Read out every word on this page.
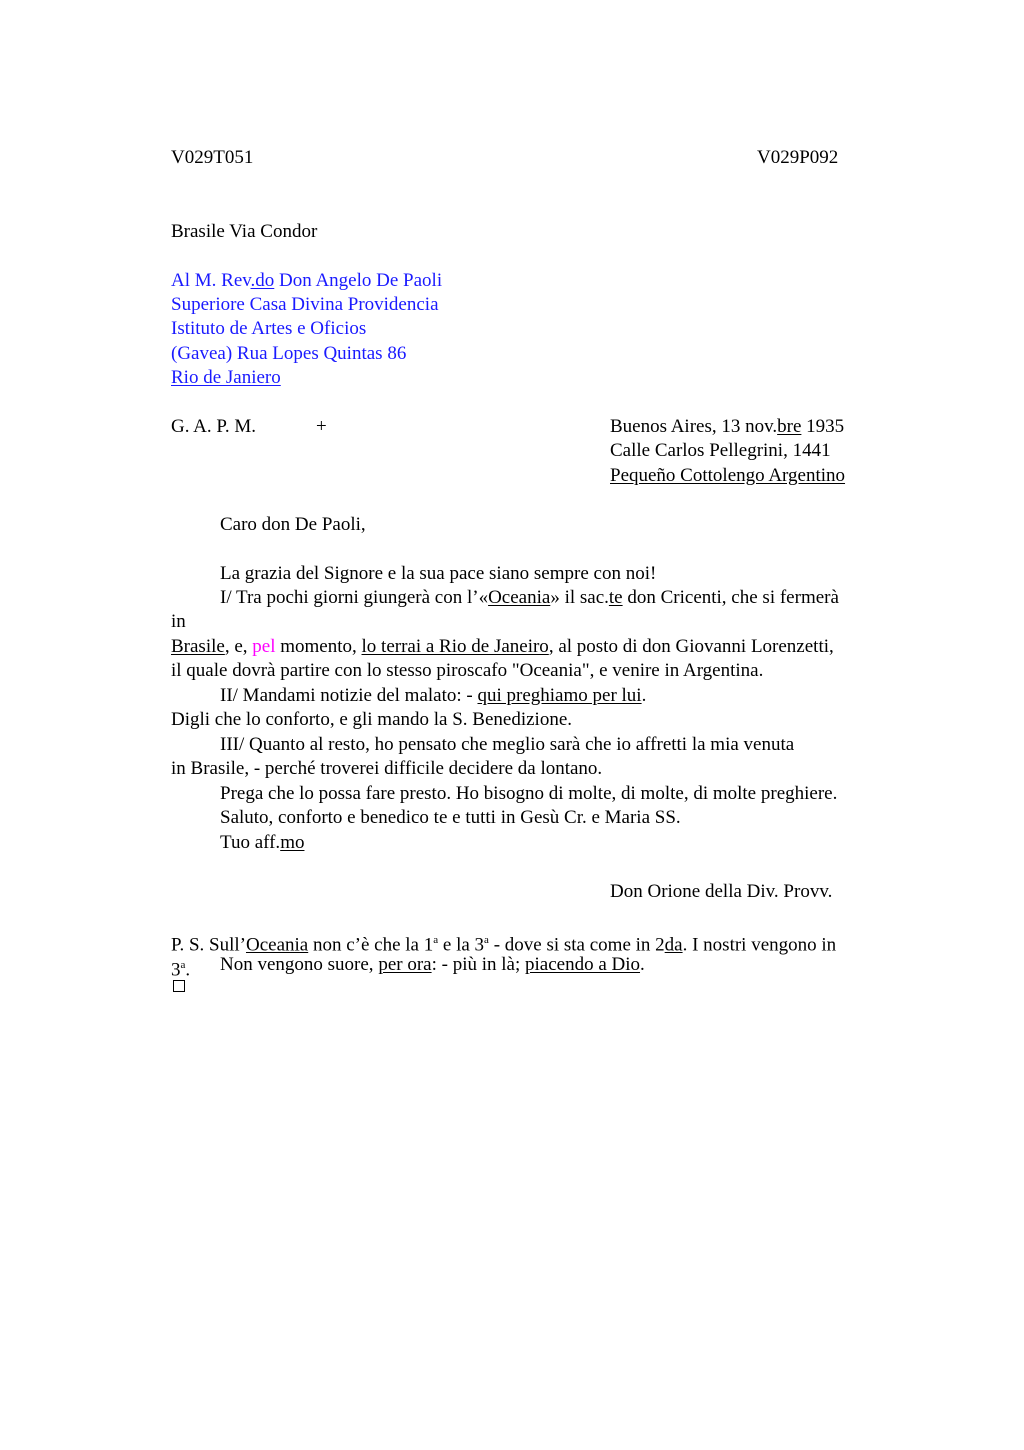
V029T051	V029P092
Brasile Via Condor
Al M. Rev.do Don Angelo De Paoli
Superiore Casa Divina Providencia
Istituto de Artes e Oficios
(Gavea) Rua Lopes Quintas 86
Rio de Janiero
G. A. P. M.	+	Buenos Aires, 13 nov.bre 1935
Calle Carlos Pellegrini, 1441
Pequeño Cottolengo Argentino
Caro don De Paoli,
La grazia del Signore e la sua pace siano sempre con noi!
I/ Tra pochi giorni giungerà con l’«Oceania» il sac.te don Cricenti, che si fermerà
in
Brasile, e, pel momento, lo terrai a Rio de Janeiro, al posto di don Giovanni Lorenzetti,
il quale dovrà partire con lo stesso piroscafo "Oceania", e venire in Argentina.
II/ Mandami notizie del malato: - qui preghiamo per lui.
Digli che lo conforto, e gli mando la S. Benedizione.
III/ Quanto al resto, ho pensato che meglio sarà che io affretti la mia venuta
in Brasile, - perché troverei difficile decidere da lontano.
Prega che lo possa fare presto. Ho bisogno di molte, di molte, di molte preghiere.
Saluto, conforto e benedico te e tutti in Gesù Cr. e Maria SS.
Tuo aff.mo
Don Orione della Div. Provv.
P. S. Sull’Oceania non c’è che la 1$^a$ e la 3$^a$ - dove si sta come in 2da. I nostri vengono in
3$^a$. Non vengono suore, per ora: - più in là; piacendo a Dio.
